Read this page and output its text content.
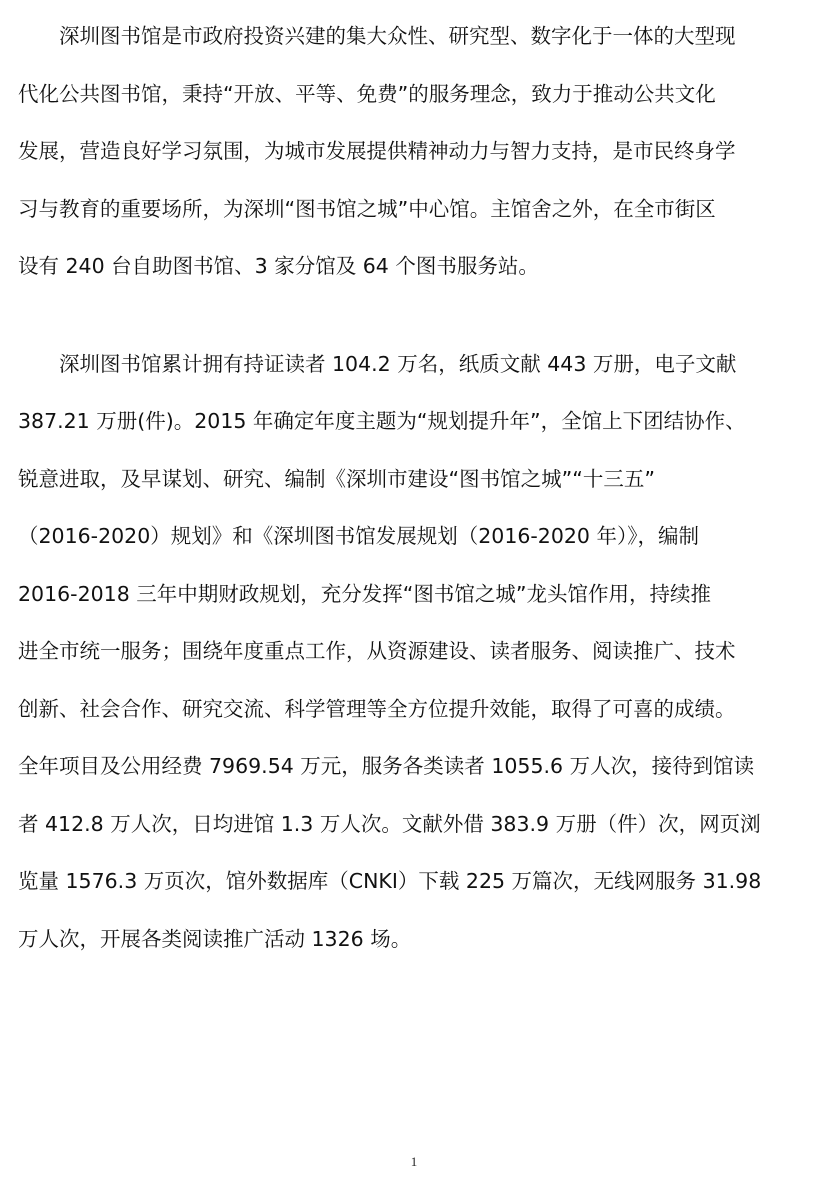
深圳图书馆是市政府投资兴建的集大众性、研究型、数字化于一体的大型现
代化公共图书馆，秉持“开放、平等、免费”的服务理念，致力于推动公共文化
发展，营造良好学习氛围，为城市发展提供精神动力与智力支持，是市民终身学
习与教育的重要场所，为深圳“图书馆之城”中心馆。主馆舍之外，在全市街区
设有 240 台自助图书馆、3 家分馆及 64 个图书服务站。
深圳图书馆累计拥有持证读者 104.2 万名，纸质文献 443 万册，电子文献
387.21 万册(件)。2015 年确定年度主题为“规划提升年”，全馆上下团结协作、
锐意进取，及早谋划、研究、编制《深圳市建设“图书馆之城”“十三五”
（2016-2020）规划》和《深圳图书馆发展规划（2016-2020 年）》，编制
2016-2018 三年中期财政规划，充分发挥“图书馆之城”龙头馆作用，持续推
进全市统一服务；围绕年度重点工作，从资源建设、读者服务、阅读推广、技术
创新、社会合作、研究交流、科学管理等全方位提升效能，取得了可喜的成绩。
全年项目及公用经费 7969.54 万元，服务各类读者 1055.6 万人次，接待到馆读
者 412.8 万人次，日均进馆 1.3 万人次。文献外借 383.9 万册（件）次，网页浏
览量 1576.3 万页次，馆外数据库（CNKI）下载 225 万篇次，无线网服务 31.98
万人次，开展各类阅读推广活动 1326 场。
1
